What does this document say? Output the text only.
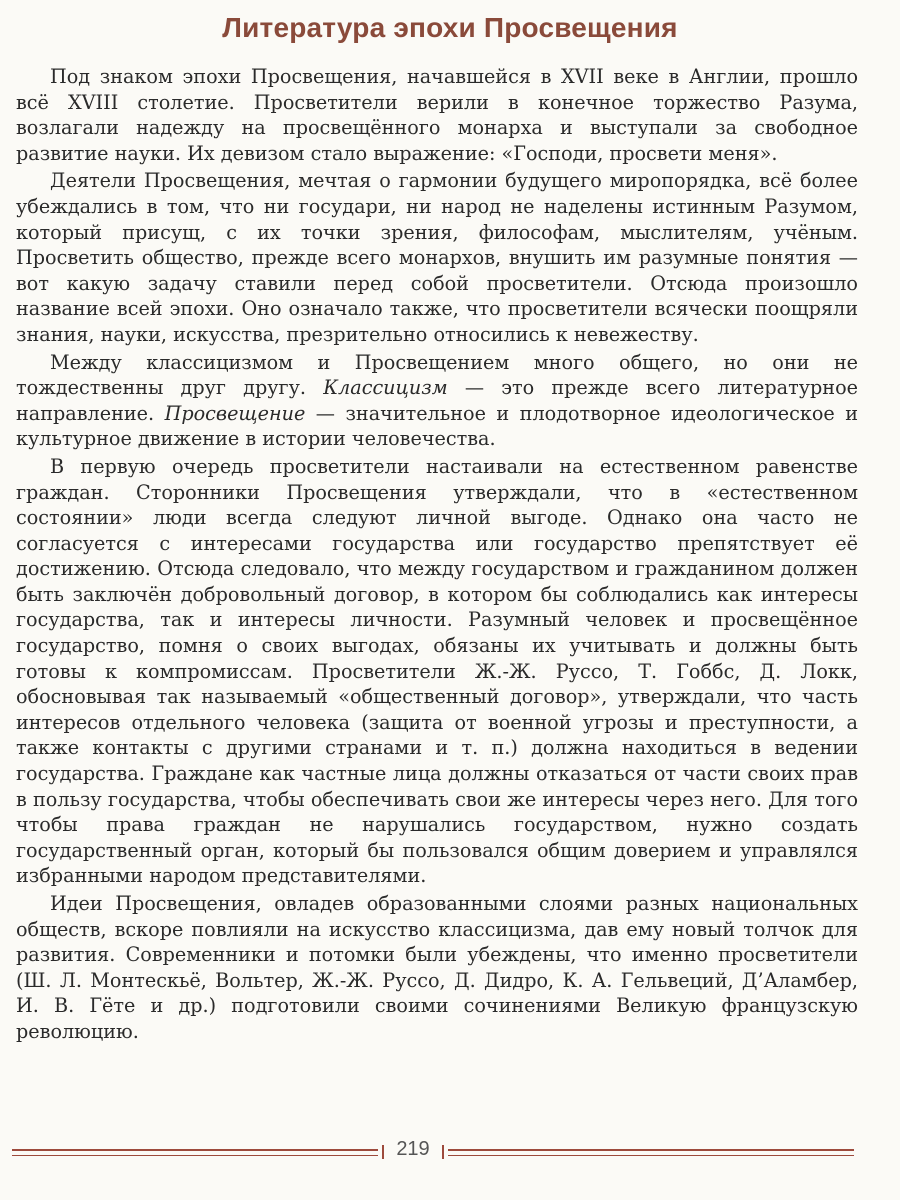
Литература эпохи Просвещения

Под знаком эпохи Просвещения, начавшейся в XVII веке в Англии, прошло всё XVIII столетие. Просветители верили в конечное торжество Разума, возлагали надежду на просвещённого монарха и выступали за свободное развитие науки. Их девизом стало выражение: «Господи, просвети меня».

Деятели Просвещения, мечтая о гармонии будущего миропорядка, всё более убеждались в том, что ни государи, ни народ не наделены истинным Разумом, который присущ, с их точки зрения, философам, мыслителям, учёным. Просветить общество, прежде всего монархов, внушить им разумные понятия — вот какую задачу ставили перед собой просветители. Отсюда произошло название всей эпохи. Оно означало также, что просветители всячески поощряли знания, науки, искусства, презрительно относились к невежеству.

Между классицизмом и Просвещением много общего, но они не тождественны друг другу. Классицизм — это прежде всего литературное направление. Просвещение — значительное и плодотворное идеологическое и культурное движение в истории человечества.

В первую очередь просветители настаивали на естественном равенстве граждан. Сторонники Просвещения утверждали, что в «естественном состоянии» люди всегда следуют личной выгоде. Однако она часто не согласуется с интересами государства или государство препятствует её достижению. Отсюда следовало, что между государством и гражданином должен быть заключён добровольный договор, в котором бы соблюдались как интересы государства, так и интересы личности. Разумный человек и просвещённое государство, помня о своих выгодах, обязаны их учитывать и должны быть готовы к компромиссам. Просветители Ж.-Ж. Руссо, Т. Гоббс, Д. Локк, обосновывая так называемый «общественный договор», утверждали, что часть интересов отдельного человека (защита от военной угрозы и преступности, а также контакты с другими странами и т. п.) должна находиться в ведении государства. Граждане как частные лица должны отказаться от части своих прав в пользу государства, чтобы обеспечивать свои же интересы через него. Для того чтобы права граждан не нарушались государством, нужно создать государственный орган, который бы пользовался общим доверием и управлялся избранными народом представителями.

Идеи Просвещения, овладев образованными слоями разных национальных обществ, вскоре повлияли на искусство классицизма, дав ему новый толчок для развития. Современники и потомки были убеждены, что именно просветители (Ш. Л. Монтескьё, Вольтер, Ж.-Ж. Руссо, Д. Дидро, К. А. Гельвеций, Д’Аламбер, И. В. Гёте и др.) подготовили своими сочинениями Великую французскую революцию.

219
